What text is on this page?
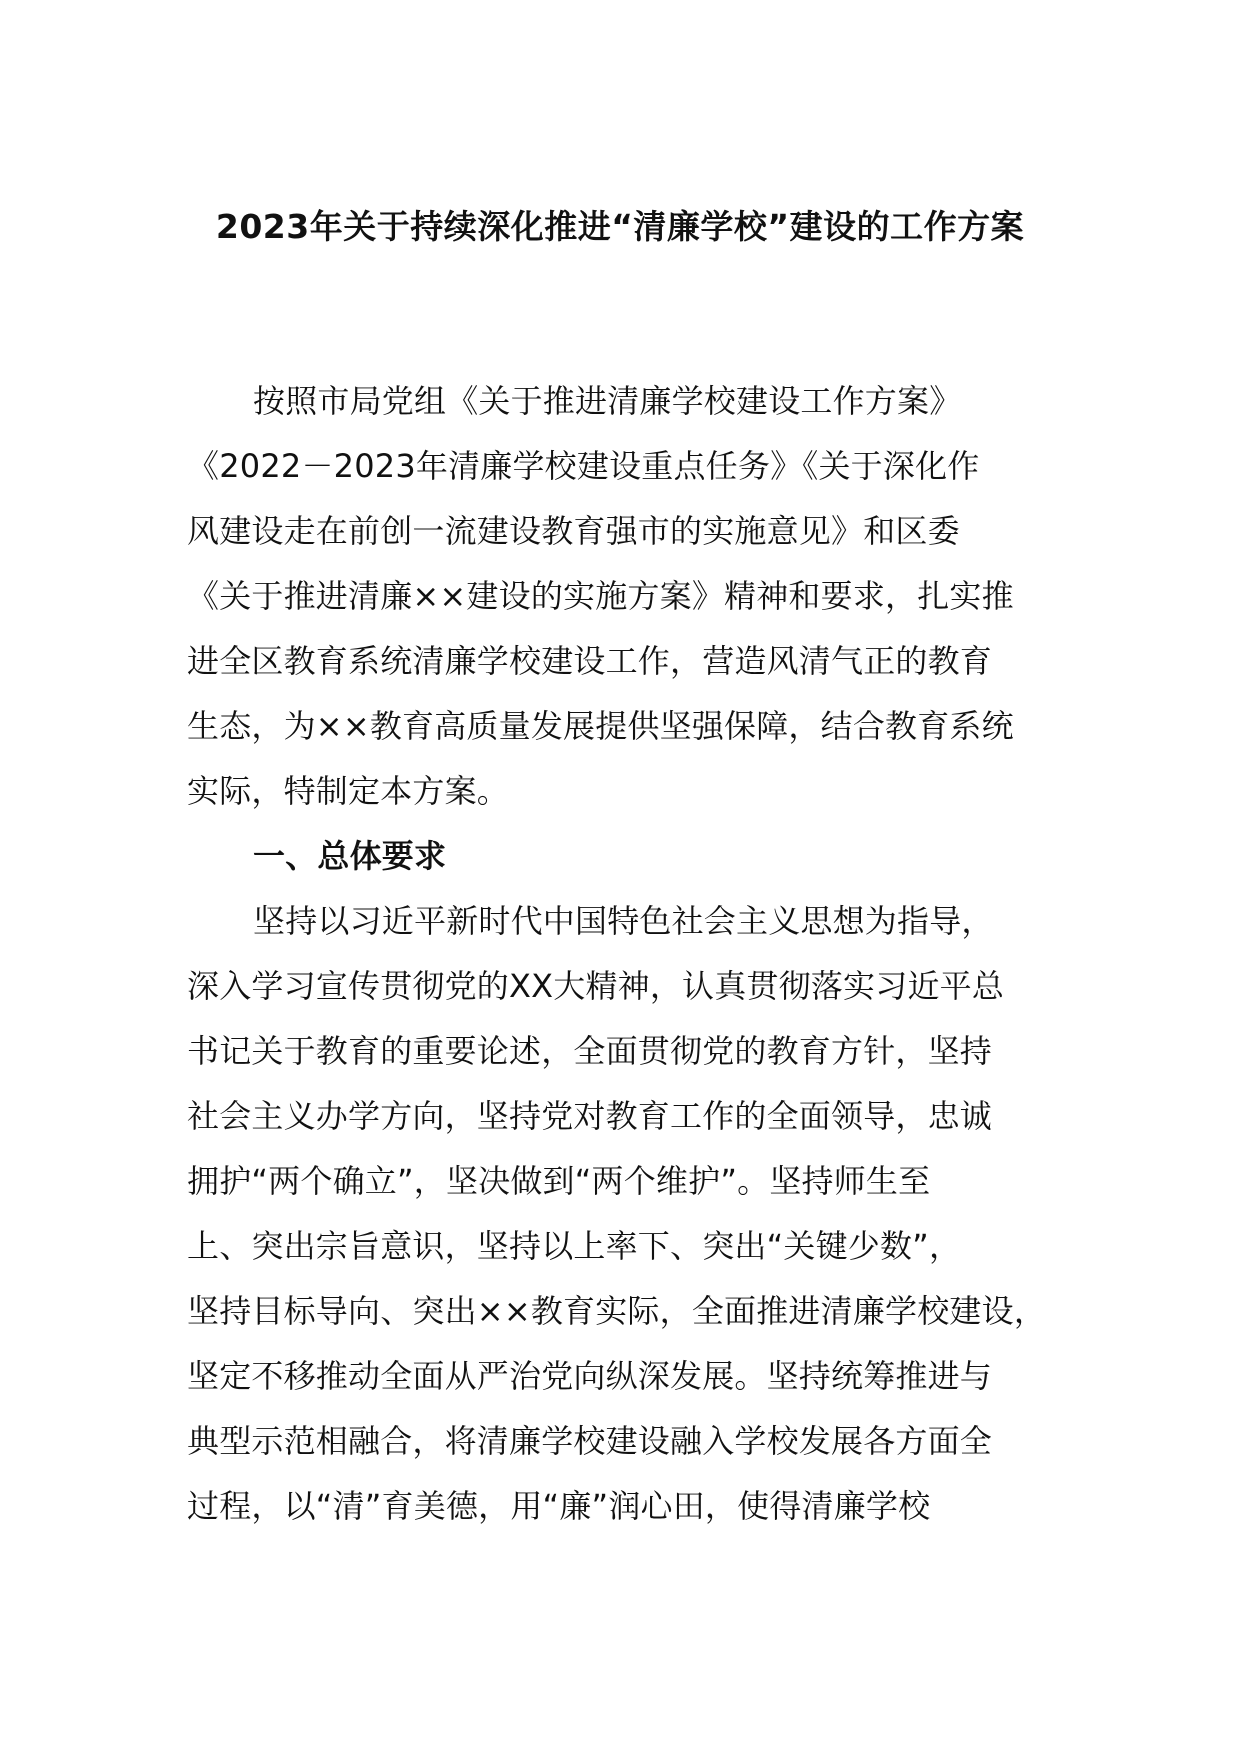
2023年关于持续深化推进“清廉学校”建设的工作方案
按照市局党组《关于推进清廉学校建设工作方案》
《2022－2023年清廉学校建设重点任务》《关于深化作
风建设走在前创一流建设教育强市的实施意见》和区委
《关于推进清廉××建设的实施方案》精神和要求，扎实推
进全区教育系统清廉学校建设工作，营造风清气正的教育
生态，为××教育高质量发展提供坚强保障，结合教育系统
实际，特制定本方案。
一、总体要求
坚持以习近平新时代中国特色社会主义思想为指导，
深入学习宣传贯彻党的XX大精神，认真贯彻落实习近平总
书记关于教育的重要论述，全面贯彻党的教育方针，坚持
社会主义办学方向，坚持党对教育工作的全面领导，忠诚
拥护“两个确立”，坚决做到“两个维护”。坚持师生至
上、突出宗旨意识，坚持以上率下、突出“关键少数”，
坚持目标导向、突出××教育实际，全面推进清廉学校建设，
坚定不移推动全面从严治党向纵深发展。坚持统筹推进与
典型示范相融合，将清廉学校建设融入学校发展各方面全
过程，以“清”育美德，用“廉”润心田，使得清廉学校
